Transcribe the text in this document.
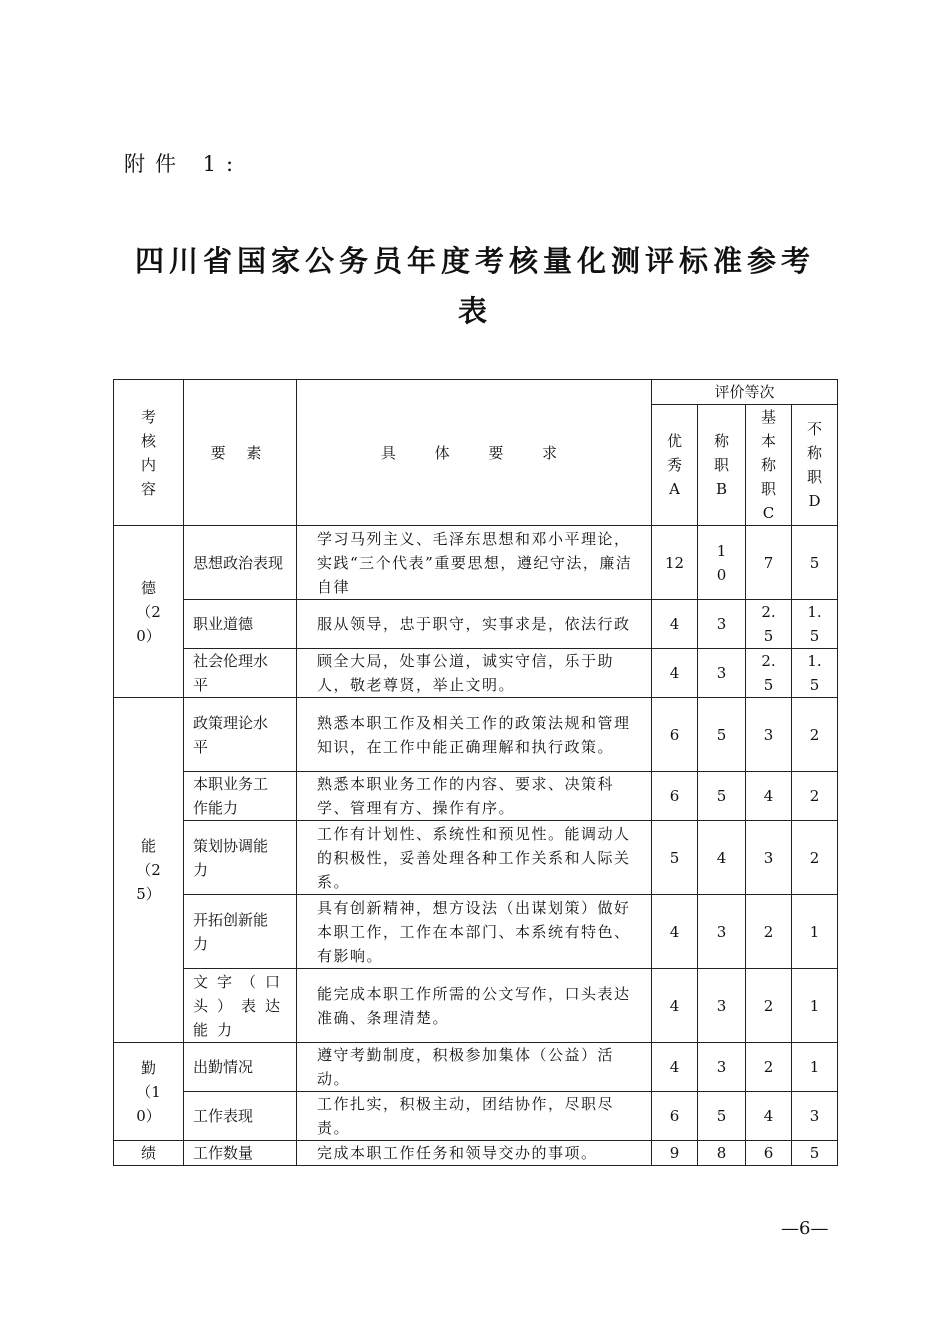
附件 1:
四川省国家公务员年度考核量化测评标准参考
表
考核内容	要 素	具 体 要 求	评价等次			

			优秀A	称职B	基本称职C	不称职D

德（20）	思想政治表现	学习马列主义、毛泽东思想和邓小平理论，实践“三个代表”重要思想，遵纪守法，廉洁自律	12	10	7	5
	职业道德	服从领导，忠于职守，实事求是，依法行政	4	3	2.5	1.5

	社会伦理水平	顾全大局，处事公道，诚实守信，乐于助人，敬老尊贤，举止文明。	4	3	2.5	1.5

能（25）	政策理论水平	熟悉本职工作及相关工作的政策法规和管理知识，在工作中能正确理解和执行政策。	6	5	3	2

	本职业务工作能力	熟悉本职业务工作的内容、要求、决策科学、管理有方、操作有序。	6	5	4	2

	策划协调能力	工作有计划性、系统性和预见性。能调动人的积极性，妥善处理各种工作关系和人际关系。	5	4	3	2

	开拓创新能力	具有创新精神，想方设法（出谋划策）做好本职工作，工作在本部门、本系统有特色、有影响。	4	3	2	1

	文字（口头）表达能力	能完成本职工作所需的公文写作，口头表达准确、条理清楚。	4	3	2	1

勤（10）	出勤情况	遵守考勤制度，积极参加集体（公益）活动。	4	3	2	1
	工作表现	工作扎实，积极主动，团结协作，尽职尽责。	6	5	4	3
绩	工作数量	完成本职工作任务和领导交办的事项。	9	8	6	5
—6—
